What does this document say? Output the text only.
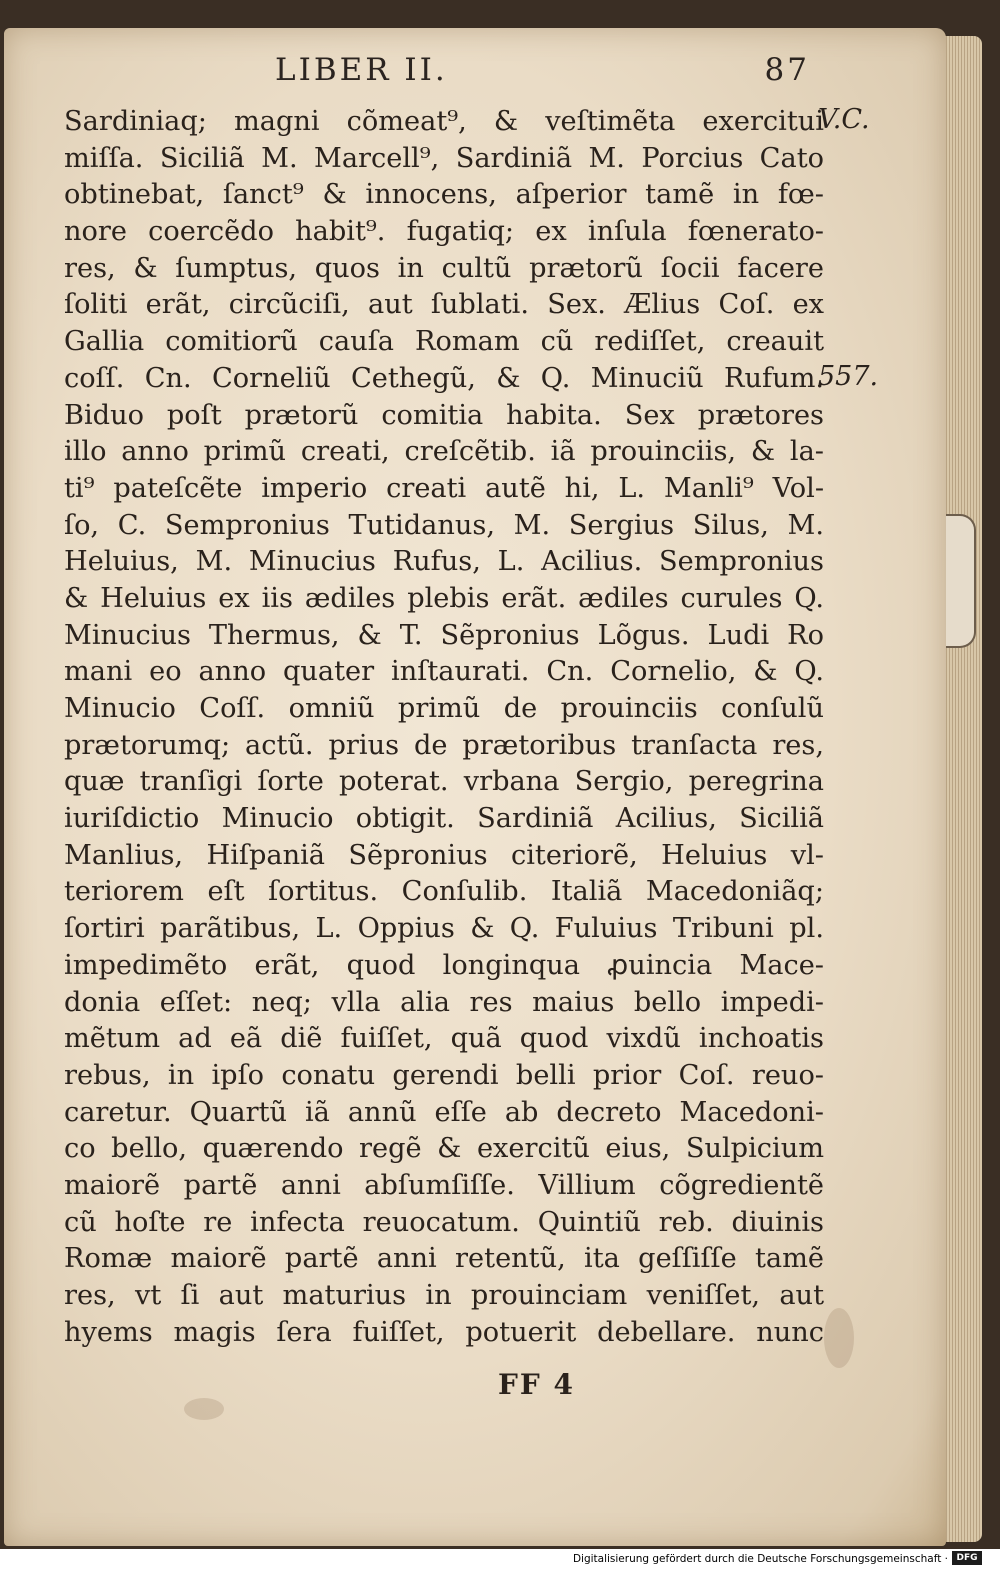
LIBER II.	87
V.C.
557.
Sardiniaq; magni cõmeat⁹, & veſtimẽta exercitui
miſſa. Siciliã M. Marcell⁹, Sardiniã M. Porcius Cato
obtinebat, ſanct⁹ & innocens, aſperior tamẽ in fœ-
nore coercẽdo habit⁹. fugatiq; ex inſula fœnerato-
res, & ſumptus, quos in cultũ prætorũ ſocii facere
ſoliti erãt, circũciſi, aut ſublati. Sex. Ælius Coſ. ex
Gallia comitiorũ cauſa Romam cũ rediſſet, creauit
coſſ. Cn. Corneliũ Cethegũ, & Q. Minuciũ Rufum.
Biduo poſt prætorũ comitia habita. Sex prætores
illo anno primũ creati, creſcẽtib. iã prouinciis, & la-
ti⁹ pateſcẽte imperio creati autẽ hi, L. Manli⁹ Vol-
ſo, C. Sempronius Tutidanus, M. Sergius Silus, M.
Heluius, M. Minucius Rufus, L. Acilius. Sempronius
& Heluius ex iis ædiles plebis erãt. ædiles curules Q.
Minucius Thermus, & T. Sẽpronius Lõgus. Ludi Ro
mani eo anno quater inſtaurati. Cn. Cornelio, & Q.
Minucio Coſſ. omniũ primũ de prouinciis conſulũ
prætorumq; actũ. prius de prætoribus tranſacta res,
quæ tranſigi ſorte poterat. vrbana Sergio, peregrina
iuriſdictio Minucio obtigit. Sardiniã Acilius, Siciliã
Manlius, Hiſpaniã Sẽpronius citeriorẽ, Heluius vl-
teriorem eſt ſortitus. Conſulib. Italiã Macedoniãq;
ſortiri parãtibus, L. Oppius & Q. Fuluius Tribuni pl.
impedimẽto erãt, quod longinqua ꝓuincia Mace-
donia eſſet: neq; vlla alia res maius bello impedi-
mẽtum ad eã diẽ fuiſſet, quã quod vixdũ inchoatis
rebus, in ipſo conatu gerendi belli prior Coſ. reuo-
caretur. Quartũ iã annũ eſſe ab decreto Macedoni-
co bello, quærendo regẽ & exercitũ eius, Sulpicium
maiorẽ partẽ anni abſumſiſſe. Villium cõgredientẽ
cũ hoſte re infecta reuocatum. Quintiũ reb. diuinis
Romæ maiorẽ partẽ anni retentũ, ita geſſiſſe tamẽ
res, vt ſi aut maturius in prouinciam veniſſet, aut
hyems magis ſera fuiſſet, potuerit debellare. nunc
FF 4
Digitalisierung gefördert durch die Deutsche Forschungsgemeinschaft · DFG
